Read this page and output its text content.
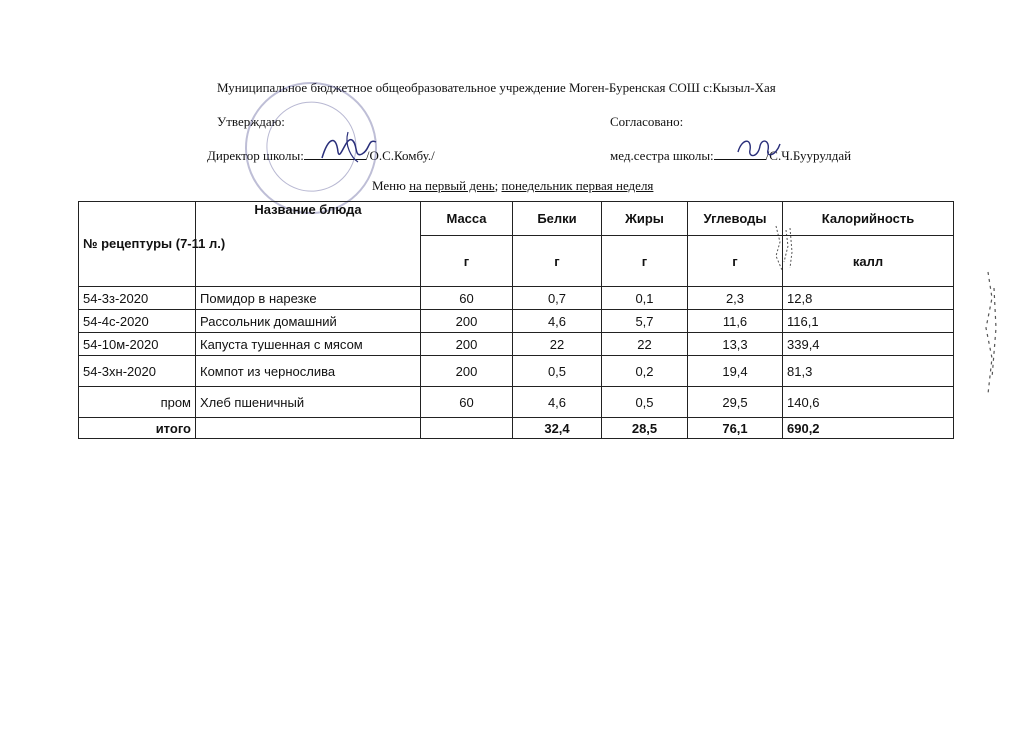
Муниципальное бюджетное общеобразовательное учреждение Моген-Буренская СОШ с:Кызыл-Хая
Утверждаю:	Согласовано:
Директор школы:	/О.С.Комбу./	мед.сестра школы:	/С.Ч.Буурулдай
Меню на первый день; понедельник первая неделя
№ рецептуры (7-11 л.)	Название блюда	Масса	Белки	Жиры	Углеводы	Калорийность
		г	г	г	г	калл
54-3з-2020	Помидор в нарезке	60	0,7	0,1	2,3	12,8
54-4с-2020	Рассольник домашний	200	4,6	5,7	11,6	116,1
54-10м-2020	Капуста тушенная с мясом	200	22	22	13,3	339,4
54-3хн-2020	Компот из чернослива	200	0,5	0,2	19,4	81,3
пром	Хлеб пшеничный	60	4,6	0,5	29,5	140,6
итого			32,4	28,5	76,1	690,2
